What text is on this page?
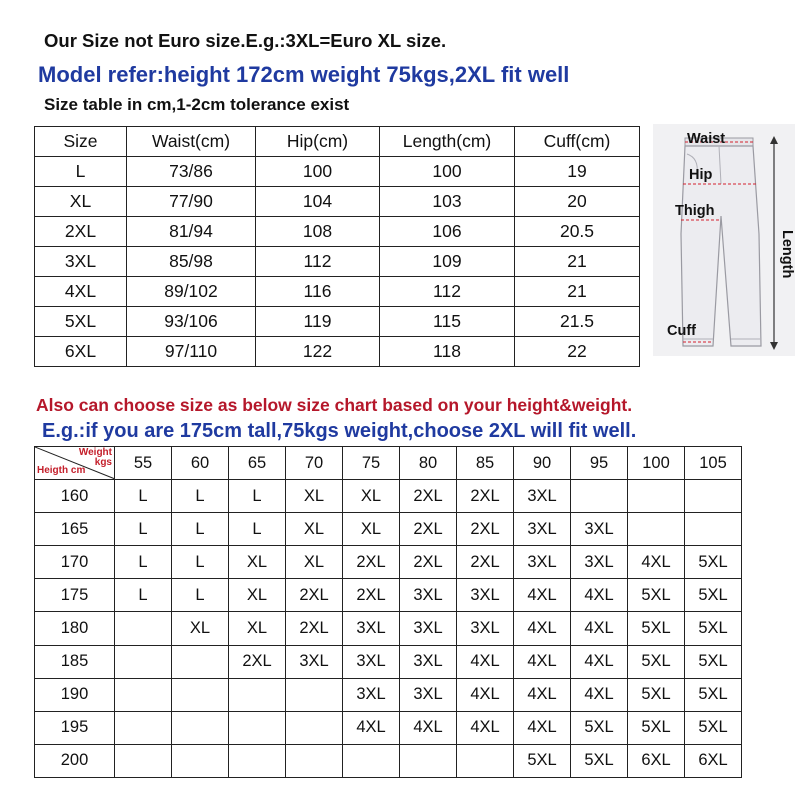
Our Size not Euro size.E.g.:3XL=Euro XL size.
Model refer:height 172cm weight 75kgs,2XL fit well
Size table in cm,1-2cm tolerance exist
Size	Waist(cm)	Hip(cm)	Length(cm)	Cuff(cm)
L	73/86	100	100	19
XL	77/90	104	103	20
2XL	81/94	108	106	20.5
3XL	85/98	112	109	21
4XL	89/102	116	112	21
5XL	93/106	119	115	21.5
6XL	97/110	122	118	22
Waist
Hip
Thigh
Cuff
Length
Also can choose size as below size chart based on your height&weight.
E.g.:if you are 175cm tall,75kgs weight,choose 2XL will fit well.
Weight kgs
Heigth cm	55	60	65	70	75	80	85	90	95	100	105
160	L	L	L	XL	XL	2XL	2XL	3XL			
165	L	L	L	XL	XL	2XL	2XL	3XL	3XL		
170	L	L	XL	XL	2XL	2XL	2XL	3XL	3XL	4XL	5XL
175	L	L	XL	2XL	2XL	3XL	3XL	4XL	4XL	5XL	5XL
180		XL	XL	2XL	3XL	3XL	3XL	4XL	4XL	5XL	5XL
185			2XL	3XL	3XL	3XL	4XL	4XL	4XL	5XL	5XL
190					3XL	3XL	4XL	4XL	4XL	5XL	5XL
195					4XL	4XL	4XL	4XL	5XL	5XL	5XL
200								5XL	5XL	6XL	6XL
